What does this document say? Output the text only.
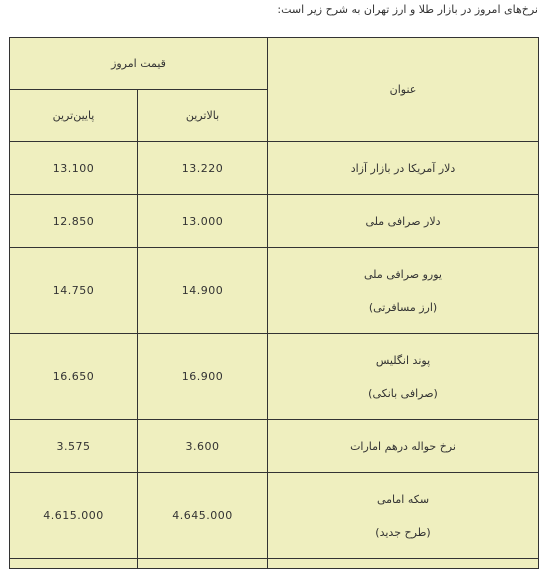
نرخ‌های امروز در بازار طلا و ارز تهران به شرح زیر است:
قیمت امروز		عنوان
پایین‌ترین	بالاترین	
13.100	13.220	دلار آمریکا در بازار آزاد
12.850	13.000	دلار صرافی ملی
14.750	14.900	یورو صرافی ملی
(ارز مسافرتی)

16.650	16.900	پوند انگلیس
(صرافی بانکی)

3.575	3.600	نرخ حواله درهم امارات
4.615.000	4.645.000	سکه امامی
(طرح جدید)
